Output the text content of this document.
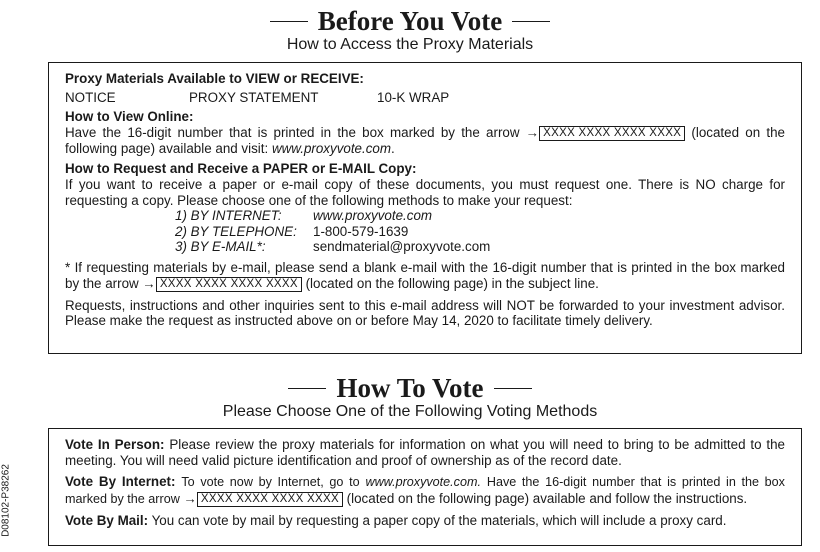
Before You Vote
How to Access the Proxy Materials

Proxy Materials Available to VIEW or RECEIVE:

NOTICE	PROXY STATEMENT	10-K WRAP

How to View Online:

Have the 16-digit number that is printed in the box marked by the arrow → XXXX XXXX XXXX XXXX (located on the following page) available and visit: www.proxyvote.com.

How to Request and Receive a PAPER or E-MAIL Copy:

If you want to receive a paper or e-mail copy of these documents, you must request one. There is NO charge for requesting a copy. Please choose one of the following methods to make your request:

1) BY INTERNET:	www.proxyvote.com
2) BY TELEPHONE:	1-800-579-1639
3) BY E-MAIL*:	sendmaterial@proxyvote.com

* If requesting materials by e-mail, please send a blank e-mail with the 16-digit number that is printed in the box marked by the arrow → XXXX XXXX XXXX XXXX (located on the following page) in the subject line.

Requests, instructions and other inquiries sent to this e-mail address will NOT be forwarded to your investment advisor. Please make the request as instructed above on or before May 14, 2020 to facilitate timely delivery.

How To Vote
Please Choose One of the Following Voting Methods

Vote In Person: Please review the proxy materials for information on what you will need to bring to be admitted to the meeting. You will need valid picture identification and proof of ownership as of the record date.

Vote By Internet: To vote now by Internet, go to www.proxyvote.com. Have the 16-digit number that is printed in the box marked by the arrow → XXXX XXXX XXXX XXXX (located on the following page) available and follow the instructions.

Vote By Mail: You can vote by mail by requesting a paper copy of the materials, which will include a proxy card.

D08102-P38262
